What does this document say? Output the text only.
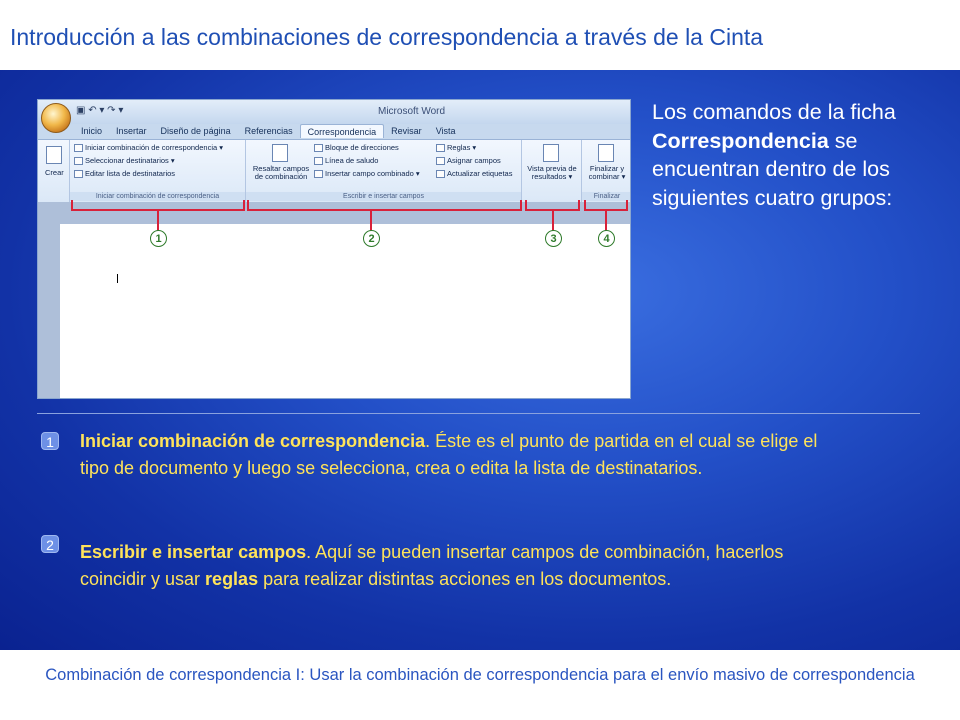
Introducción a las combinaciones de correspondencia a través de la Cinta
▣ ↶ ▾ ↷ ▾	Microsoft Word
Inicio	Insertar	Diseño de página	Referencias	Correspondencia	Revisar	Vista
Crear
Iniciar combinación de correspondencia ▾
Seleccionar destinatarios ▾
Editar lista de destinatarios
Iniciar combinación de correspondencia
Resaltar campos de combinación
Bloque de direcciones
Línea de saludo
Insertar campo combinado ▾
Reglas ▾
Asignar campos
Actualizar etiquetas
Escribir e insertar campos
Vista previa de resultados ▾
Finalizar y combinar ▾
Finalizar
1	2	3	4
Los comandos de la ficha Correspondencia se encuentran dentro de los siguientes cuatro grupos:
1 Iniciar combinación de correspondencia. Éste es el punto de partida en el cual se elige el tipo de documento y luego se selecciona, crea o edita la lista de destinatarios.
2 Escribir e insertar campos. Aquí se pueden insertar campos de combinación, hacerlos coincidir y usar reglas para realizar distintas acciones en los documentos.
Combinación de correspondencia I: Usar la combinación de correspondencia para el envío masivo de correspondencia
